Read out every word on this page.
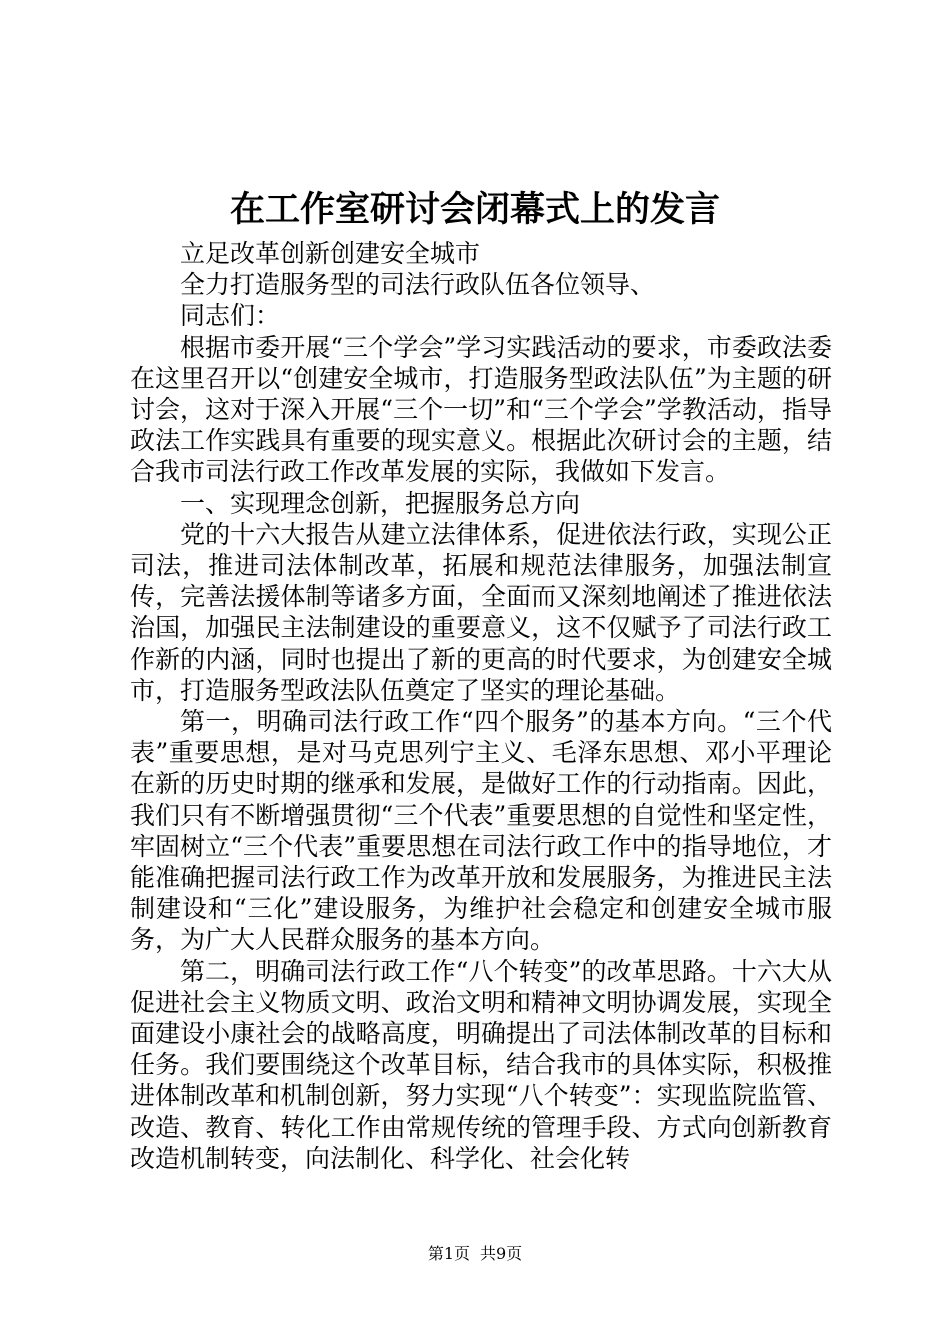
在工作室研讨会闭幕式上的发言

立足改革创新创建安全城市

全力打造服务型的司法行政队伍各位领导、

同志们：

根据市委开展“三个学会”学习实践活动的要求，市委政法委在这里召开以“创建安全城市，打造服务型政法队伍”为主题的研讨会，这对于深入开展“三个一切”和“三个学会”学教活动，指导政法工作实践具有重要的现实意义。根据此次研讨会的主题，结合我市司法行政工作改革发展的实际，我做如下发言。

一、实现理念创新，把握服务总方向

党的十六大报告从建立法律体系，促进依法行政，实现公正司法，推进司法体制改革，拓展和规范法律服务，加强法制宣传，完善法援体制等诸多方面，全面而又深刻地阐述了推进依法治国，加强民主法制建设的重要意义，这不仅赋予了司法行政工作新的内涵，同时也提出了新的更高的时代要求，为创建安全城市，打造服务型政法队伍奠定了坚实的理论基础。

第一，明确司法行政工作“四个服务”的基本方向。“三个代表”重要思想，是对马克思列宁主义、毛泽东思想、邓小平理论在新的历史时期的继承和发展，是做好工作的行动指南。因此，我们只有不断增强贯彻“三个代表”重要思想的自觉性和坚定性，牢固树立“三个代表”重要思想在司法行政工作中的指导地位，才能准确把握司法行政工作为改革开放和发展服务，为推进民主法制建设和“三化”建设服务，为维护社会稳定和创建安全城市服务，为广大人民群众服务的基本方向。

第二，明确司法行政工作“八个转变”的改革思路。十六大从促进社会主义物质文明、政治文明和精神文明协调发展，实现全面建设小康社会的战略高度，明确提出了司法体制改革的目标和任务。我们要围绕这个改革目标，结合我市的具体实际，积极推进体制改革和机制创新，努力实现“八个转变”：实现监院监管、改造、教育、转化工作由常规传统的管理手段、方式向创新教育改造机制转变，向法制化、科学化、社会化转

第1页 共9页
